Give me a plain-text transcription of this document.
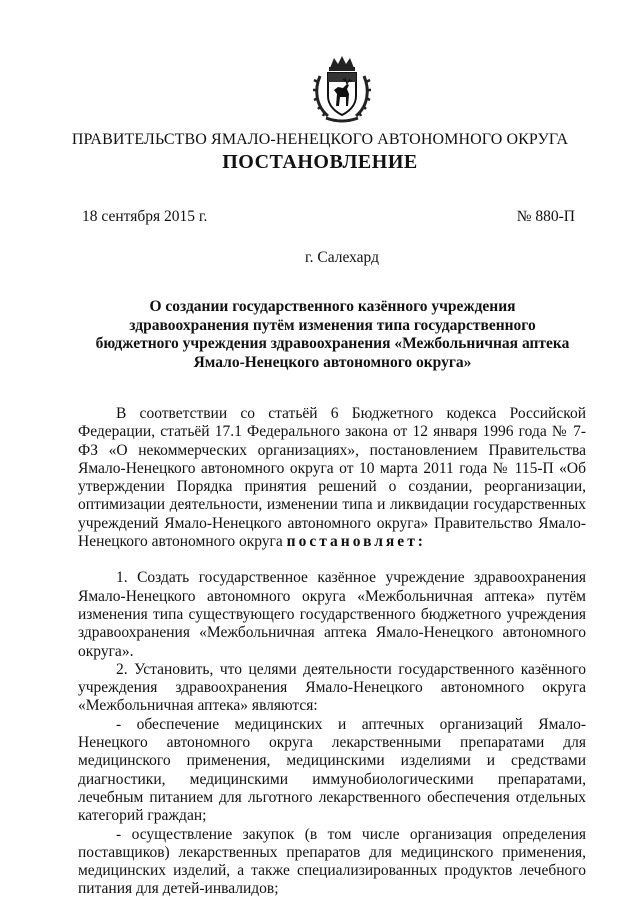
ПРАВИТЕЛЬСТВО ЯМАЛО-НЕНЕЦКОГО АВТОНОМНОГО ОКРУГА
ПОСТАНОВЛЕНИЕ
18 сентября 2015 г.	№ 880-П
г. Салехард
О создании государственного казённого учреждения здравоохранения путём изменения типа государственного бюджетного учреждения здравоохранения «Межбольничная аптека Ямало-Ненецкого автономного округа»

В соответствии со статьёй 6 Бюджетного кодекса Российской Федерации, статьёй 17.1 Федерального закона от 12 января 1996 года № 7-ФЗ «О некоммерческих организациях», постановлением Правительства Ямало-Ненецкого автономного округа от 10 марта 2011 года № 115-П «Об утверждении Порядка принятия решений о создании, реорганизации, оптимизации деятельности, изменении типа и ликвидации государственных учреждений Ямало-Ненецкого автономного округа» Правительство Ямало-Ненецкого автономного округа постановляет:

1. Создать государственное казённое учреждение здравоохранения Ямало-Ненецкого автономного округа «Межбольничная аптека» путём изменения типа существующего государственного бюджетного учреждения здравоохранения «Межбольничная аптека Ямало-Ненецкого автономного округа».

2. Установить, что целями деятельности государственного казённого учреждения здравоохранения Ямало-Ненецкого автономного округа «Межбольничная аптека» являются:

- обеспечение медицинских и аптечных организаций Ямало-Ненецкого автономного округа лекарственными препаратами для медицинского применения, медицинскими изделиями и средствами диагностики, медицинскими иммунобиологическими препаратами, лечебным питанием для льготного лекарственного обеспечения отдельных категорий граждан;

- осуществление закупок (в том числе организация определения поставщиков) лекарственных препаратов для медицинского применения, медицинских изделий, а также специализированных продуктов лечебного питания для детей-инвалидов;
